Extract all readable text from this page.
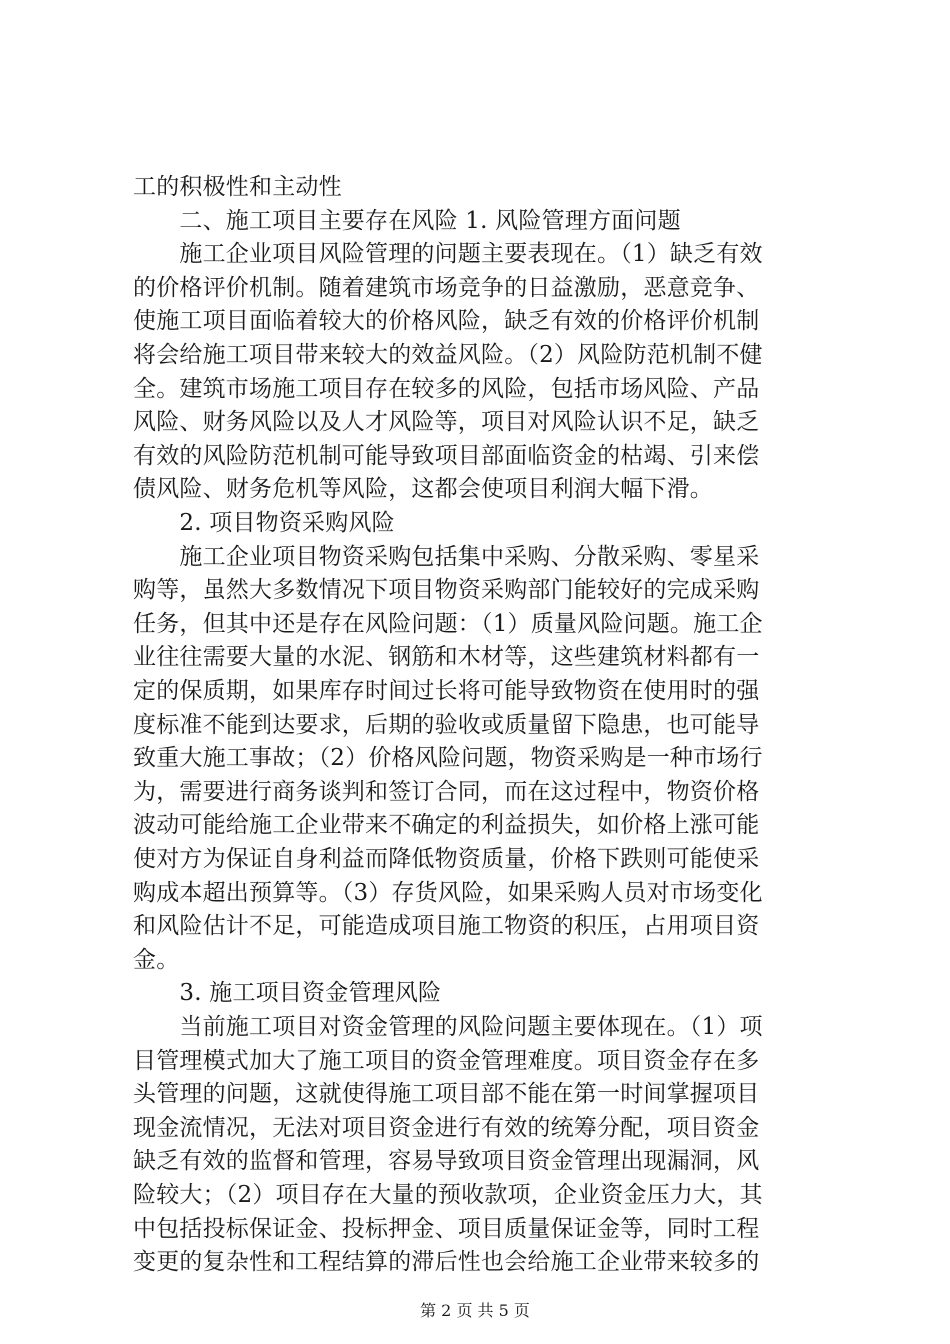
工的积极性和主动性
　　二、施工项目主要存在风险 1. 风险管理方面问题
　　施工企业项目风险管理的问题主要表现在。（1）缺乏有效
的价格评价机制。随着建筑市场竞争的日益激励，恶意竞争、
使施工项目面临着较大的价格风险，缺乏有效的价格评价机制
将会给施工项目带来较大的效益风险。（2）风险防范机制不健
全。建筑市场施工项目存在较多的风险，包括市场风险、产品
风险、财务风险以及人才风险等，项目对风险认识不足，缺乏
有效的风险防范机制可能导致项目部面临资金的枯竭、引来偿
债风险、财务危机等风险，这都会使项目利润大幅下滑。
　　2. 项目物资采购风险
　　施工企业项目物资采购包括集中采购、分散采购、零星采
购等，虽然大多数情况下项目物资采购部门能较好的完成采购
任务，但其中还是存在风险问题：（1）质量风险问题。施工企
业往往需要大量的水泥、钢筋和木材等，这些建筑材料都有一
定的保质期，如果库存时间过长将可能导致物资在使用时的强
度标准不能到达要求，后期的验收或质量留下隐患，也可能导
致重大施工事故；（2）价格风险问题，物资采购是一种市场行
为，需要进行商务谈判和签订合同，而在这过程中，物资价格
波动可能给施工企业带来不确定的利益损失，如价格上涨可能
使对方为保证自身利益而降低物资质量，价格下跌则可能使采
购成本超出预算等。（3）存货风险，如果采购人员对市场变化
和风险估计不足，可能造成项目施工物资的积压，占用项目资
金。
　　3. 施工项目资金管理风险
　　当前施工项目对资金管理的风险问题主要体现在。（1）项
目管理模式加大了施工项目的资金管理难度。项目资金存在多
头管理的问题，这就使得施工项目部不能在第一时间掌握项目
现金流情况，无法对项目资金进行有效的统筹分配，项目资金
缺乏有效的监督和管理，容易导致项目资金管理出现漏洞，风
险较大；（2）项目存在大量的预收款项，企业资金压力大，其
中包括投标保证金、投标押金、项目质量保证金等，同时工程
变更的复杂性和工程结算的滞后性也会给施工企业带来较多的
第 2 页 共 5 页
